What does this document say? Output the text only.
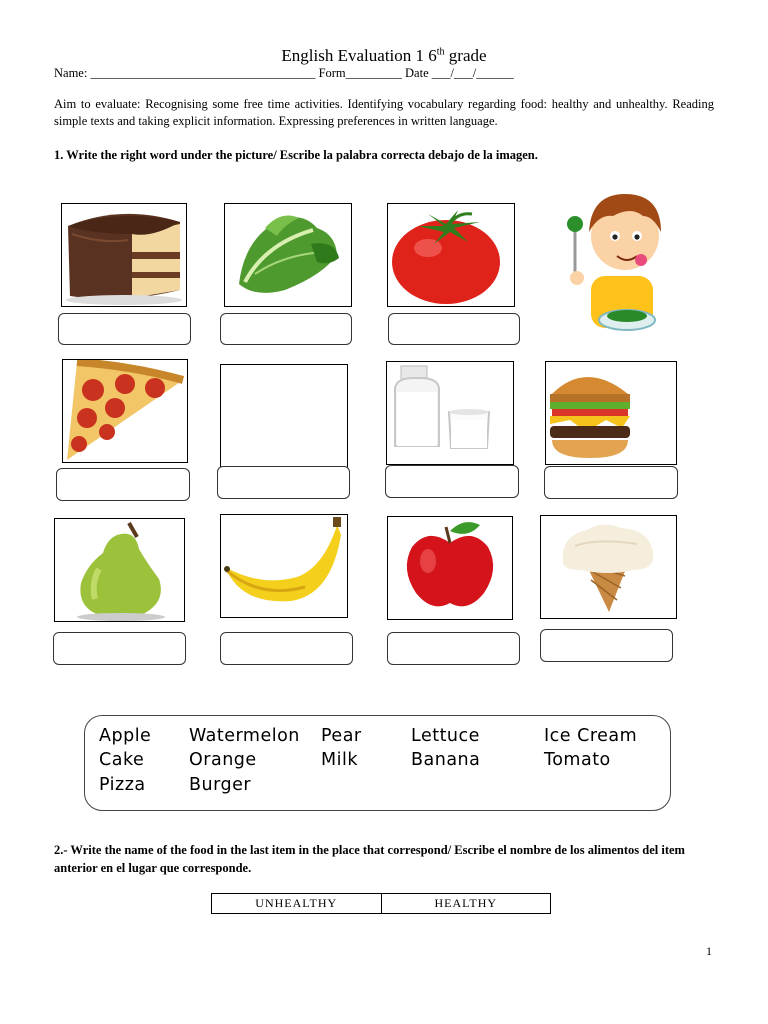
English Evaluation 1 6th grade
Name: ____________________________________ Form_________ Date ___/___/______
Aim to evaluate: Recognising some free time activities. Identifying vocabulary regarding food: healthy and unhealthy. Reading simple texts and taking explicit information. Expressing preferences in written language.
1. Write the right word under the picture/ Escribe la palabra correcta debajo de la imagen.
Apple Watermelon Pear	Lettuce	Ice Cream
Cake	Orange	Milk	Banana	Tomato
Pizza Burger
2.- Write the name of the food in the last item in the place that correspond/ Escribe el nombre de los alimentos del item anterior en el lugar que corresponde.
UNHEALTHY	HEALTHY
1
